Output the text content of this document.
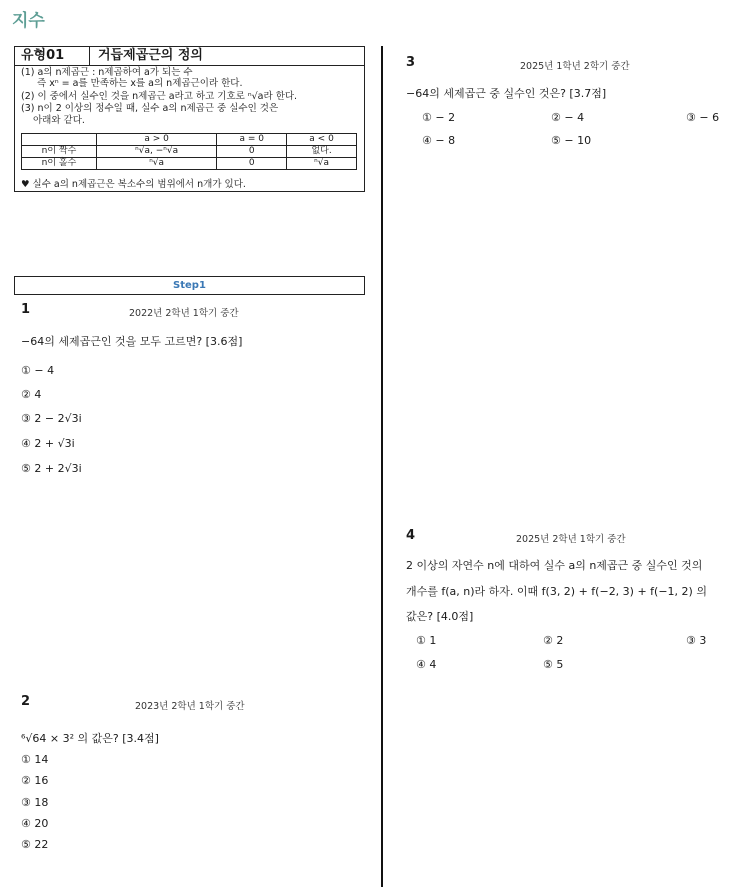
지수
유형01	거듭제곱근의 정의
(1) a의 n제곱근 : n제곱하여 a가 되는 수
즉 xⁿ = a를 만족하는 x를 a의 n제곱근이라 한다.
(2) 이 중에서 실수인 것을 n제곱근 a라고 하고 기호로 ⁿ√a라 한다.
(3) n이 2 이상의 정수일 때, 실수 a의 n제곱근 중 실수인 것은
아래와 같다.
	a > 0	a = 0	a < 0
n이 짝수	ⁿ√a, −ⁿ√a	0	없다.
n이 홀수	ⁿ√a	0	ⁿ√a
♥ 실수 a의 n제곱근은 복소수의 범위에서 n개가 있다.
Step1
1	2022년 2학년 1학기 중간
−64의 세제곱근인 것을 모두 고르면? [3.6점]
① − 4
② 4
③ 2 − 2√3i
④ 2 + √3i
⑤ 2 + 2√3i
2	2023년 2학년 1학기 중간
⁶√64 × 3² 의 값은? [3.4점]
① 14
② 16
③ 18
④ 20
⑤ 22
3	2025년 1학년 2학기 중간
−64의 세제곱근 중 실수인 것은? [3.7점]
① − 2	② − 4	③ − 6
④ − 8	⑤ − 10
4	2025년 2학년 1학기 중간
2 이상의 자연수 n에 대하여 실수 a의 n제곱근 중 실수인 것의
개수를 f(a, n)라 하자. 이때 f(3, 2) + f(−2, 3) + f(−1, 2) 의
값은? [4.0점]
① 1	② 2	③ 3
④ 4	⑤ 5
